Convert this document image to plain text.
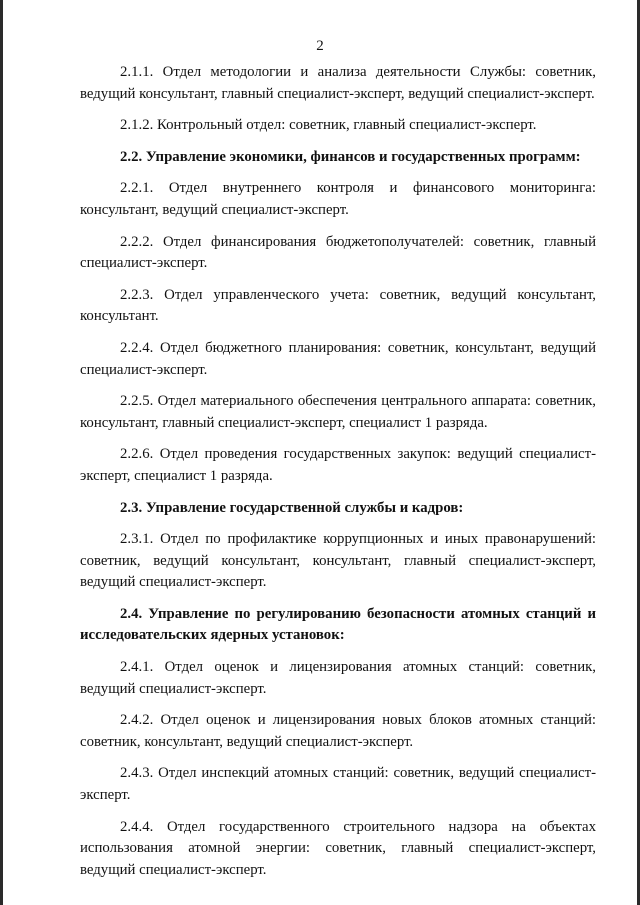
2

2.1.1. Отдел методологии и анализа деятельности Службы: советник, ведущий консультант, главный специалист-эксперт, ведущий специалист-эксперт.

2.1.2. Контрольный отдел: советник, главный специалист-эксперт.

2.2. Управление экономики, финансов и государственных программ:

2.2.1. Отдел внутреннего контроля и финансового мониторинга: консультант, ведущий специалист-эксперт.

2.2.2. Отдел финансирования бюджетополучателей: советник, главный специалист-эксперт.

2.2.3. Отдел управленческого учета: советник, ведущий консультант, консультант.

2.2.4. Отдел бюджетного планирования: советник, консультант, ведущий специалист-эксперт.

2.2.5. Отдел материального обеспечения центрального аппарата: советник, консультант, главный специалист-эксперт, специалист 1 разряда.

2.2.6. Отдел проведения государственных закупок: ведущий специалист-эксперт, специалист 1 разряда.

2.3. Управление государственной службы и кадров:

2.3.1. Отдел по профилактике коррупционных и иных правонарушений: советник, ведущий консультант, консультант, главный специалист-эксперт, ведущий специалист-эксперт.

2.4. Управление по регулированию безопасности атомных станций и исследовательских ядерных установок:

2.4.1. Отдел оценок и лицензирования атомных станций: советник, ведущий специалист-эксперт.

2.4.2. Отдел оценок и лицензирования новых блоков атомных станций: советник, консультант, ведущий специалист-эксперт.

2.4.3. Отдел инспекций атомных станций: советник, ведущий специалист-эксперт.

2.4.4. Отдел государственного строительного надзора на объектах использования атомной энергии: советник, главный специалист-эксперт, ведущий специалист-эксперт.
